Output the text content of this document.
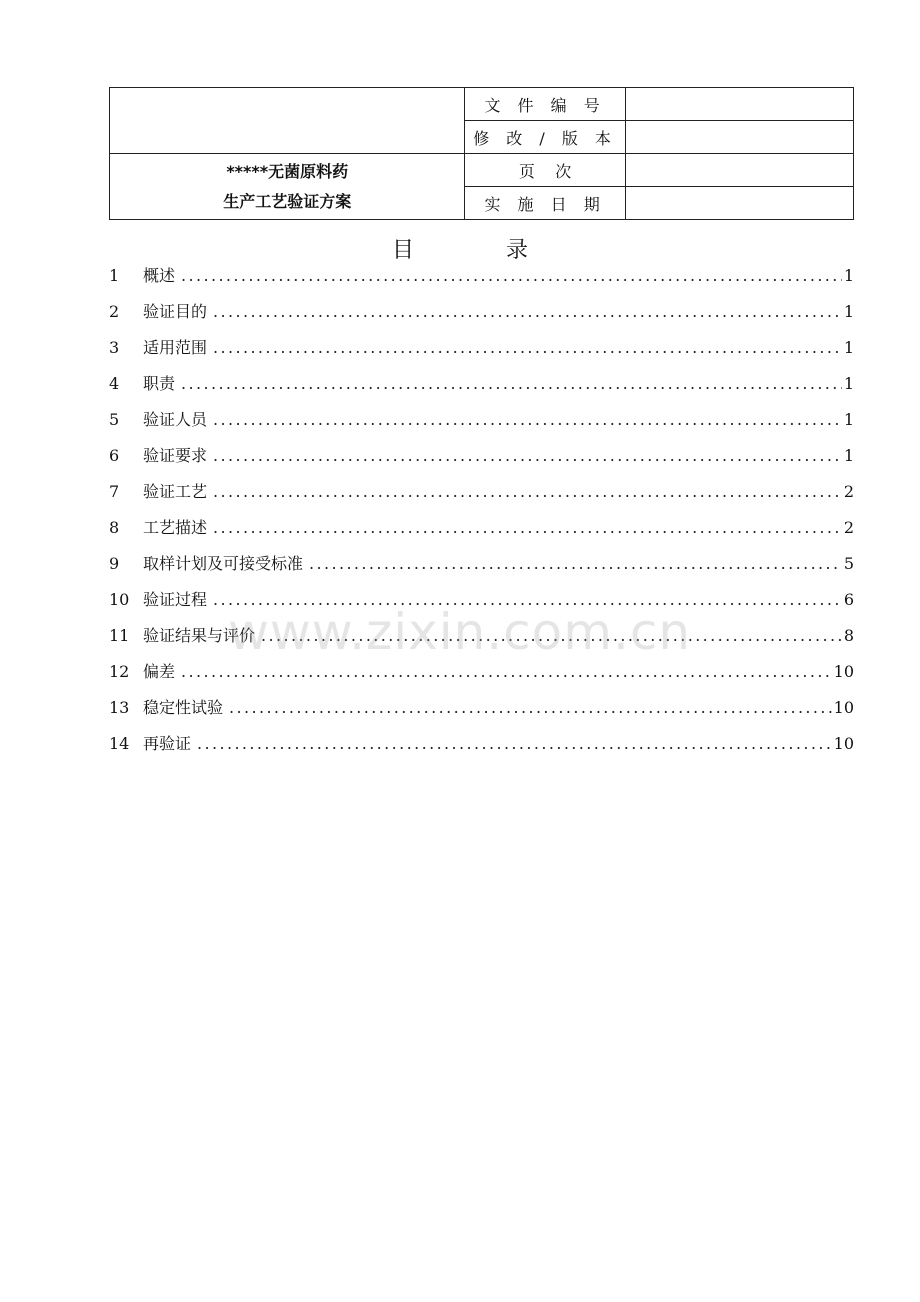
	文 件 编 号	
	修 改 / 版 本	

*****无菌原料药
生产工艺验证方案	页    次	
	实 施 日 期	
目	录
1	概述 .....	1
2	验证目的 .....	1
3	适用范围 .....	1
4	职责 .....	1
5	验证人员 .....	1
6	验证要求 .....	1
7	验证工艺 .....	2
8	工艺描述 .....	2
9	取样计划及可接受标准 .....	5
10 验证过程 .....	6
11 验证结果与评价 .....	8
12 偏差 .....	10
13 稳定性试验 .....	10
14 再验证 .....	10
www.zixin.com.cn
